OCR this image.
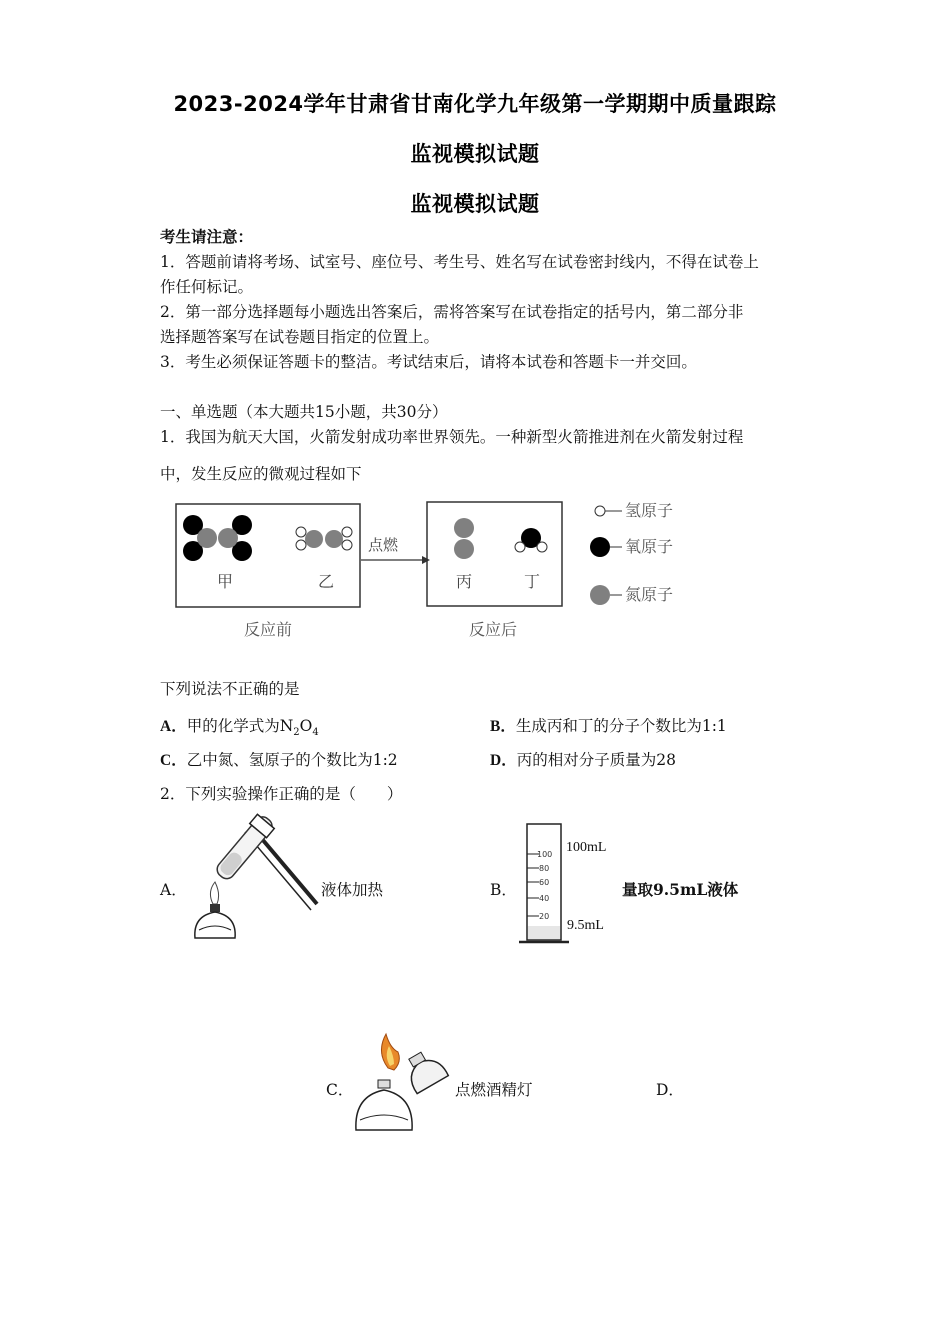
2023-2024学年甘肃省甘南化学九年级第一学期期中质量跟踪
监视模拟试题
监视模拟试题
考生请注意：
1．答题前请将考场、试室号、座位号、考生号、姓名写在试卷密封线内，不得在试卷上
作任何标记。
2．第一部分选择题每小题选出答案后，需将答案写在试卷指定的括号内，第二部分非
选择题答案写在试卷题目指定的位置上。
3．考生必须保证答题卡的整洁。考试结束后，请将本试卷和答题卡一并交回。
一、单选题（本大题共15小题，共30分）
1．我国为航天大国，火箭发射成功率世界领先。一种新型火箭推进剂在火箭发射过程
中，发生反应的微观过程如下
甲	乙
点燃
丙	丁
反应前	反应后
氢原子
氧原子
氮原子
下列说法不正确的是
A．甲的化学式为$N_2O_4$	B．生成丙和丁的分子个数比为1:1
C．乙中氮、氢原子的个数比为1:2	D．丙的相对分子质量为28
2．下列实验操作正确的是（　　）
A．	液体加热	B．
100
80
60
40
20
100mL
9.5mL
量取9.5mL液体
C．	点燃酒精灯	D．
